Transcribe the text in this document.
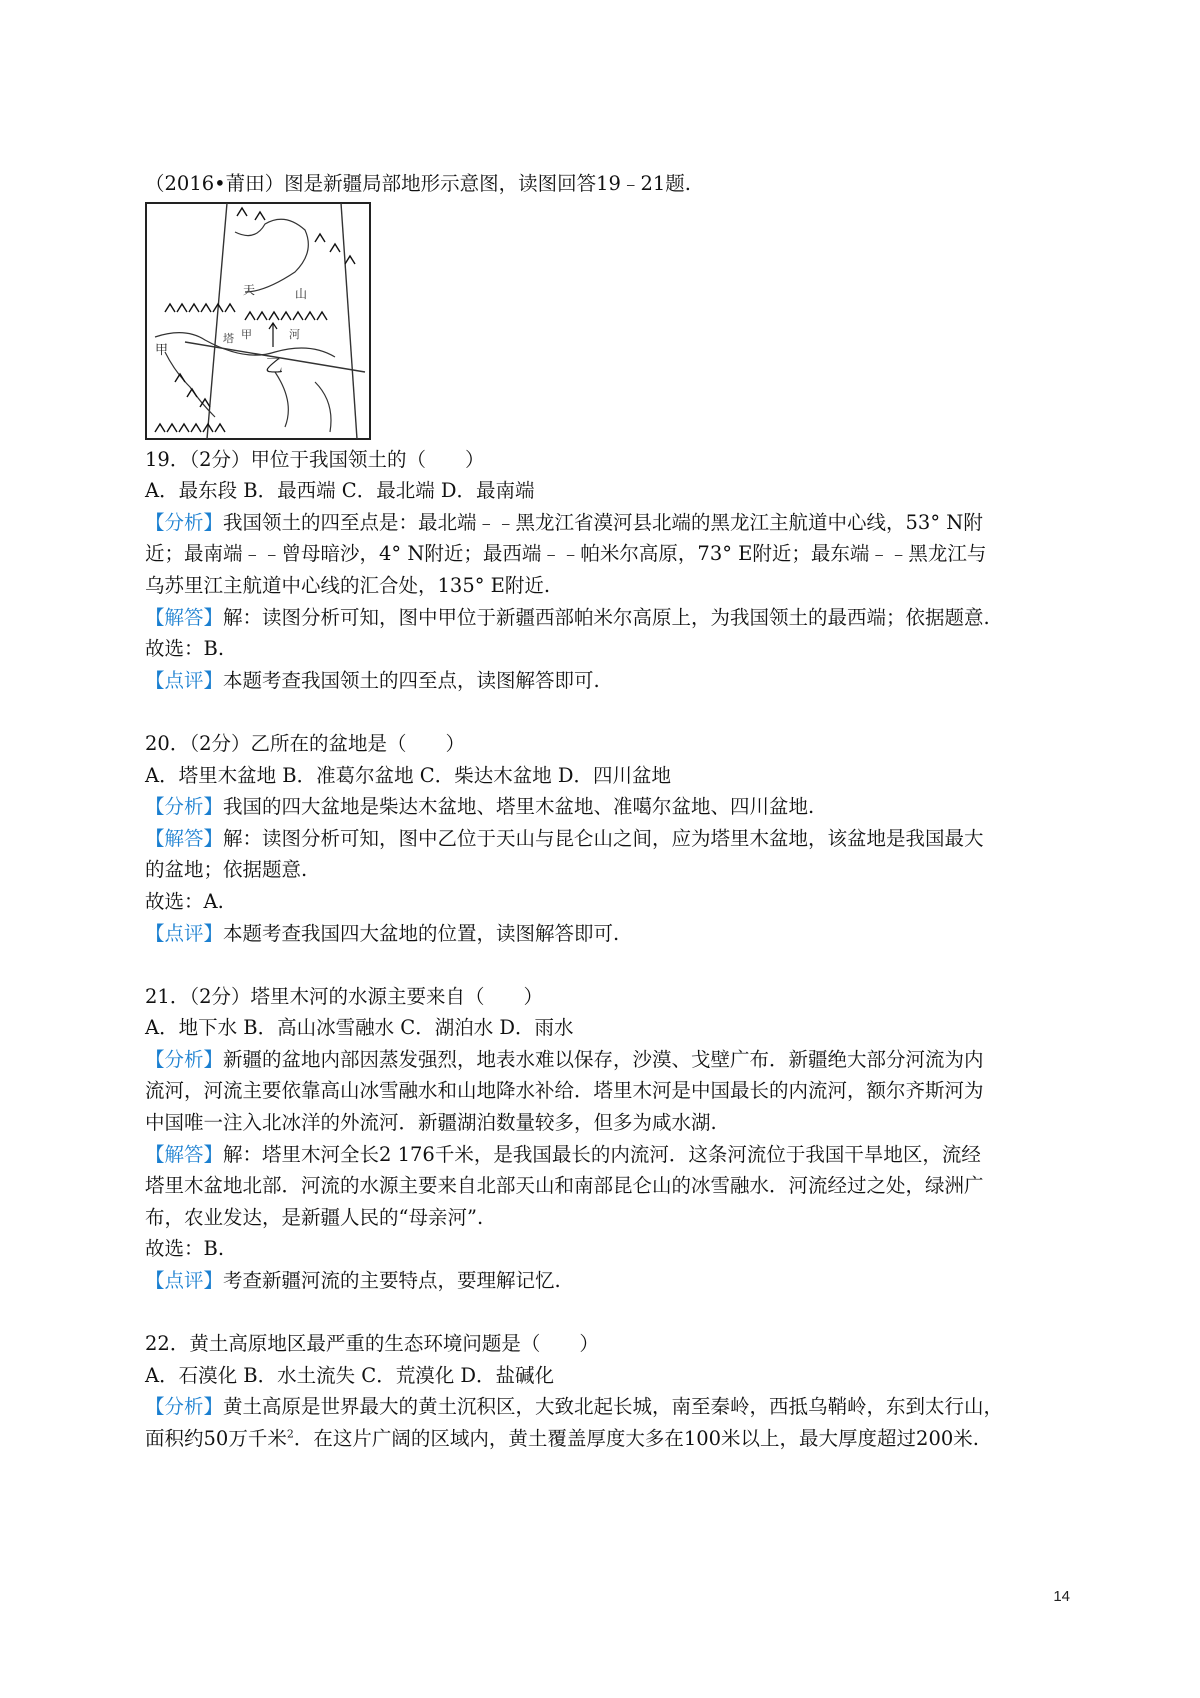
（2016•莆田）图是新疆局部地形示意图，读图回答19﹣21题.
甲
乙
天	山
塔 甲	河
19．（2分）甲位于我国领土的（　　）
A．最东段 B．最西端 C．最北端 D．最南端
【分析】我国领土的四至点是：最北端﹣﹣黑龙江省漠河县北端的黑龙江主航道中心线，53° N附
近；最南端﹣﹣曾母暗沙，4° N附近；最西端﹣﹣帕米尔高原，73° E附近；最东端﹣﹣黑龙江与
乌苏里江主航道中心线的汇合处，135° E附近.
【解答】解：读图分析可知，图中甲位于新疆西部帕米尔高原上，为我国领土的最西端；依据题意.
故选：B.
【点评】本题考查我国领土的四至点，读图解答即可.
20．（2分）乙所在的盆地是（　　）
A．塔里木盆地 B．准葛尔盆地 C．柴达木盆地 D．四川盆地
【分析】我国的四大盆地是柴达木盆地、塔里木盆地、准噶尔盆地、四川盆地.
【解答】解：读图分析可知，图中乙位于天山与昆仑山之间，应为塔里木盆地，该盆地是我国最大
的盆地；依据题意.
故选：A.
【点评】本题考查我国四大盆地的位置，读图解答即可.
21．（2分）塔里木河的水源主要来自（　　）
A．地下水 B．高山冰雪融水 C．湖泊水 D．雨水
【分析】新疆的盆地内部因蒸发强烈，地表水难以保存，沙漠、戈壁广布．新疆绝大部分河流为内
流河，河流主要依靠高山冰雪融水和山地降水补给．塔里木河是中国最长的内流河，额尔齐斯河为
中国唯一注入北冰洋的外流河．新疆湖泊数量较多，但多为咸水湖.
【解答】解：塔里木河全长2 176千米，是我国最长的内流河．这条河流位于我国干旱地区，流经
塔里木盆地北部．河流的水源主要来自北部天山和南部昆仑山的冰雪融水．河流经过之处，绿洲广
布，农业发达，是新疆人民的“母亲河”.
故选：B.
【点评】考查新疆河流的主要特点，要理解记忆.
22．黄土高原地区最严重的生态环境问题是（　　）
A．石漠化 B．水土流失 C．荒漠化 D．盐碱化
【分析】黄土高原是世界最大的黄土沉积区，大致北起长城，南至秦岭，西抵乌鞘岭，东到太行山，
面积约50万千米$^2$．在这片广阔的区域内，黄土覆盖厚度大多在100米以上，最大厚度超过200米.
14
